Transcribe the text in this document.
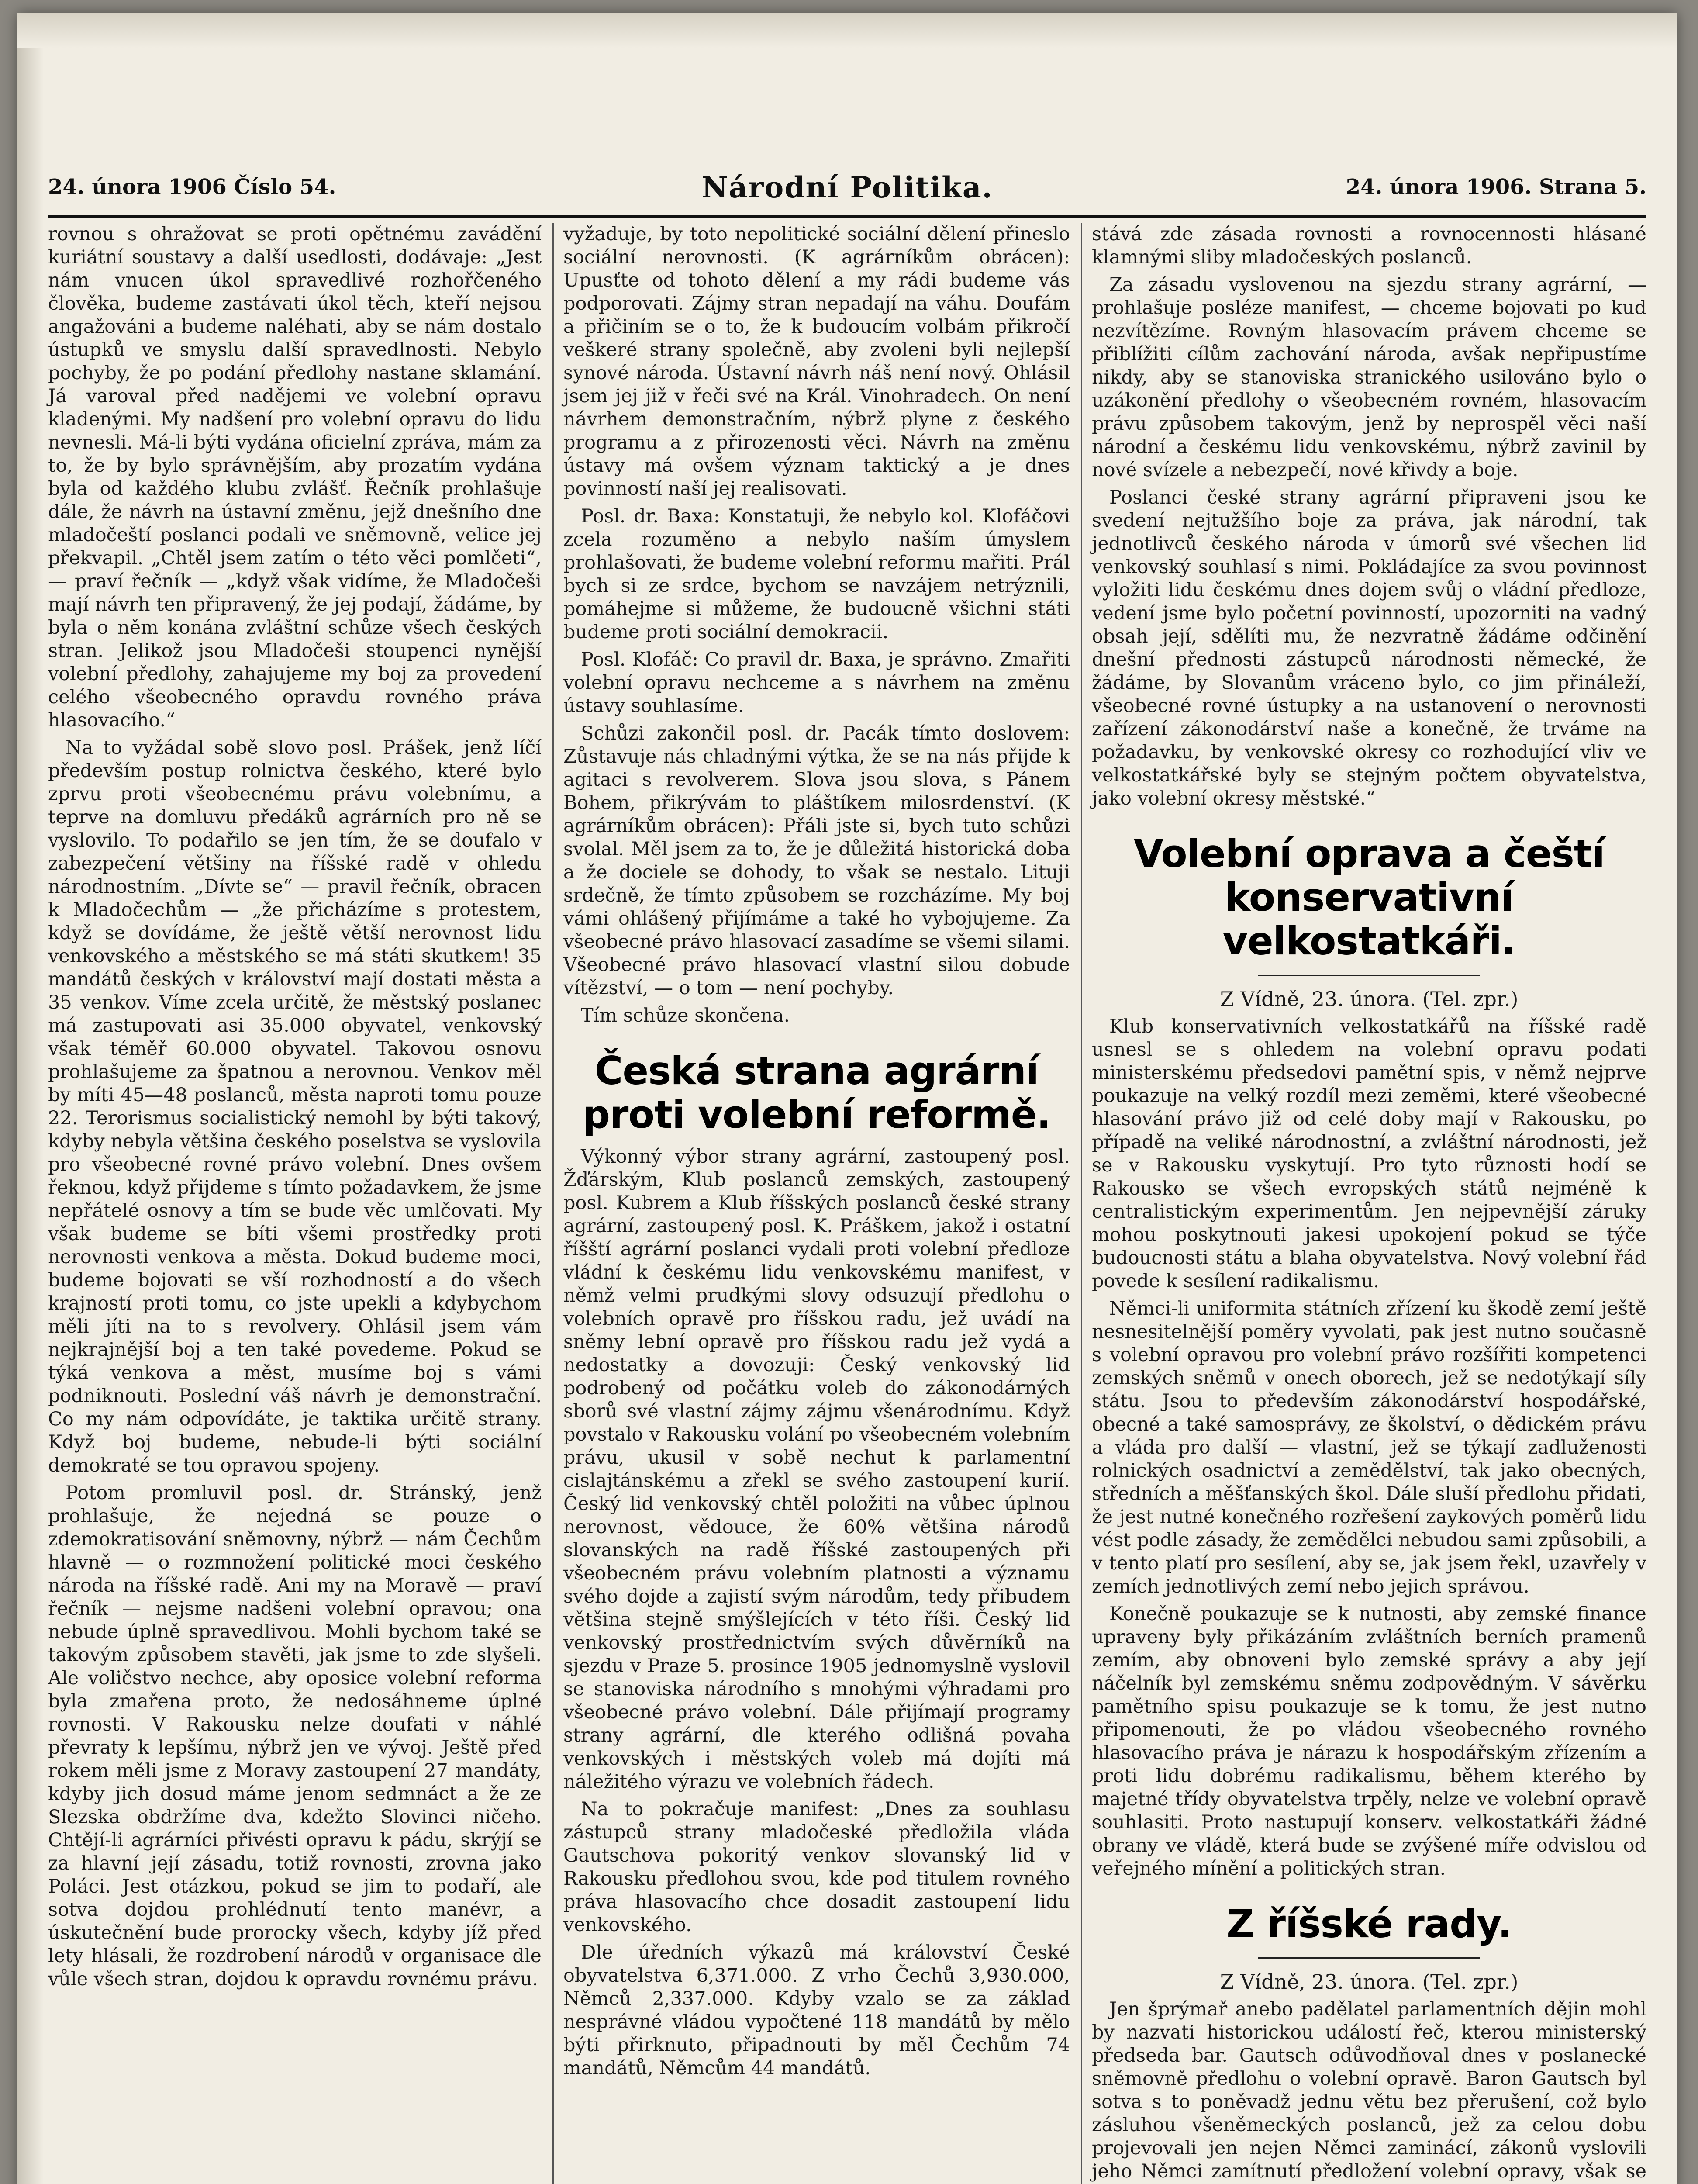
24. února 1906 Číslo 54.	Národní Politika.	24. února 1906. Strana 5.

rovnou s ohražovat se proti opětnému zavádění kuriátní soustavy a další usedlosti, dodávaje: „Jest nám vnucen úkol spravedlivé rozhořčeného člověka, budeme zastávati úkol těch, kteří nejsou angažováni a budeme naléhati, aby se nám dostalo ústupků ve smyslu další spravedlnosti. Nebylo pochyby, že po podání předlohy nastane sklamání. Já varoval před nadějemi ve volební opravu kladenými. My nadšení pro volební opravu do lidu nevnesli. Má-li býti vydána oficielní zpráva, mám za to, že by bylo správnějším, aby prozatím vydána byla od každého klubu zvlášť. Řečník prohlašuje dále, že návrh na ústavní změnu, jejž dnešního dne mladočeští poslanci podali ve sněmovně, velice jej překvapil. „Chtěl jsem zatím o této věci pomlčeti“, — praví řečník — „když však vidíme, že Mladočeši mají návrh ten připravený, že jej podají, žádáme, by byla o něm konána zvláštní schůze všech českých stran. Jelikož jsou Mladočeši stoupenci nynější volební předlohy, zahajujeme my boj za provedení celého všeobecného opravdu rovného práva hlasovacího.“

Na to vyžádal sobě slovo posl. Prášek, jenž líčí především postup rolnictva českého, které bylo zprvu proti všeobecnému právu volebnímu, a teprve na domluvu předáků agrárních pro ně se vyslovilo. To podařilo se jen tím, že se doufalo v zabezpečení většiny na říšské radě v ohledu národnostním. „Dívte se“ — pravil řečník, obracen k Mladočechům — „že přicházíme s protestem, když se dovídáme, že ještě větší nerovnost lidu venkovského a městského se má státi skutkem! 35 mandátů českých v království mají dostati města a 35 venkov. Víme zcela určitě, že městský poslanec má zastupovati asi 35.000 obyvatel, venkovský však téměř 60.000 obyvatel. Takovou osnovu prohlašujeme za špatnou a nerovnou. Venkov měl by míti 45—48 poslanců, města naproti tomu pouze 22. Terorismus socialistický nemohl by býti takový, kdyby nebyla většina českého poselstva se vyslovila pro všeobecné rovné právo volební. Dnes ovšem řeknou, když přijdeme s tímto požadavkem, že jsme nepřátelé osnovy a tím se bude věc umlčovati. My však budeme se bíti všemi prostředky proti nerovnosti venkova a města. Dokud budeme moci, budeme bojovati se vší rozhodností a do všech krajností proti tomu, co jste upekli a kdybychom měli jíti na to s revolvery. Ohlásil jsem vám nejkrajnější boj a ten také povedeme. Pokud se týká venkova a měst, musíme boj s vámi podniknouti. Poslední váš návrh je demonstrační. Co my nám odpovídáte, je taktika určitě strany. Když boj budeme, nebude-li býti sociální demokraté se tou opravou spojeny.

Potom promluvil posl. dr. Stránský, jenž prohlašuje, že nejedná se pouze o zdemokratisování sněmovny, nýbrž — nám Čechům hlavně — o rozmnožení politické moci českého národa na říšské radě. Ani my na Moravě — praví řečník — nejsme nadšeni volební opravou; ona nebude úplně spravedlivou. Mohli bychom také se takovým způsobem stavěti, jak jsme to zde slyšeli. Ale voličstvo nechce, aby oposice volební reforma byla zmařena proto, že nedosáhneme úplné rovnosti. V Rakousku nelze doufati v náhlé převraty k lepšímu, nýbrž jen ve vývoj. Ještě před rokem měli jsme z Moravy zastoupení 27 mandáty, kdyby jich dosud máme jenom sedmnáct a že ze Slezska obdržíme dva, kdežto Slovinci ničeho. Chtějí-li agrárníci přivésti opravu k pádu, skrýjí se za hlavní její zásadu, totiž rovnosti, zrovna jako Poláci. Jest otázkou, pokud se jim to podaří, ale sotva dojdou prohlédnutí tento manévr, a úskutečnění bude prorocky všech, kdyby jíž před lety hlásali, že rozdrobení národů v organisace dle vůle všech stran, dojdou k opravdu rovnému právu.

vyžaduje, by toto nepolitické sociální dělení přineslo sociální nerovnosti. (K agrárníkům obrácen): Upusťte od tohoto dělení a my rádi budeme vás podporovati. Zájmy stran nepadají na váhu. Doufám a přičiním se o to, že k budoucím volbám přikročí veškeré strany společně, aby zvoleni byli nejlepší synové národa. Ústavní návrh náš není nový. Ohlásil jsem jej již v řeči své na Král. Vinohradech. On není návrhem demonstračním, nýbrž plyne z českého programu a z přirozenosti věci. Návrh na změnu ústavy má ovšem význam taktický a je dnes povinností naší jej realisovati.

Posl. dr. Baxa: Konstatuji, že nebylo kol. Klofáčovi zcela rozuměno a nebylo naším úmyslem prohlašovati, že budeme volební reformu mařiti. Prál bych si ze srdce, bychom se navzájem netrýznili, pomáhejme si můžeme, že budoucně všichni státi budeme proti sociální demokracii.

Posl. Klofáč: Co pravil dr. Baxa, je správno. Zmařiti volební opravu nechceme a s návrhem na změnu ústavy souhlasíme.

Schůzi zakončil posl. dr. Pacák tímto doslovem: Zůstavuje nás chladnými výtka, že se na nás přijde k agitaci s revolverem. Slova jsou slova, s Pánem Bohem, přikrývám to pláštíkem milosrdenství. (K agrárníkům obrácen): Přáli jste si, bych tuto schůzi svolal. Měl jsem za to, že je důležitá historická doba a že dociele se dohody, to však se nestalo. Lituji srdečně, že tímto způsobem se rozcházíme. My boj vámi ohlášený přijímáme a také ho vybojujeme. Za všeobecné právo hlasovací zasadíme se všemi silami. Všeobecné právo hlasovací vlastní silou dobude vítězství, — o tom — není pochyby.

Tím schůze skončena.

Česká strana agrární proti volební reformě.

Výkonný výbor strany agrární, zastoupený posl. Žďárským, Klub poslanců zemských, zastoupený posl. Kubrem a Klub říšských poslanců české strany agrární, zastoupený posl. K. Práškem, jakož i ostatní říšští agrární poslanci vydali proti volební předloze vládní k českému lidu venkovskému manifest, v němž velmi prudkými slovy odsuzují předlohu o volebních opravě pro říšskou radu, jež uvádí na sněmy lební opravě pro říšskou radu jež vydá a nedostatky a dovozuji: Český venkovský lid podrobený od počátku voleb do zákonodárných sborů své vlastní zájmy zájmu všenárodnímu. Když povstalo v Rakousku volání po všeobecném volebním právu, ukusil v sobě nechut k parlamentní cislajtánskému a zřekl se svého zastoupení kurií. Český lid venkovský chtěl položiti na vůbec úplnou nerovnost, vědouce, že 60% většina národů slovanských na radě říšské zastoupených při všeobecném právu volebním platnosti a významu svého dojde a zajistí svým národům, tedy přibudem většina stejně smýšlejících v této říši. Český lid venkovský prostřednictvím svých důvěrníků na sjezdu v Praze 5. prosince 1905 jednomyslně vyslovil se stanoviska národního s mnohými výhradami pro všeobecné právo volební. Dále přijímají programy strany agrární, dle kterého odlišná povaha venkovských i městských voleb má dojíti má náležitého výrazu ve volebních řádech.

Na to pokračuje manifest: „Dnes za souhlasu zástupců strany mladočeské předložila vláda Gautschova pokoritý venkov slovanský lid v Rakousku předlohou svou, kde pod titulem rovného práva hlasovacího chce dosadit zastoupení lidu venkovského.

Dle úředních výkazů má království České obyvatelstva 6,371.000. Z vrho Čechů 3,930.000, Němců 2,337.000. Kdyby vzalo se za základ nesprávné vládou vypočtené 118 mandátů by mělo býti přirknuto, připadnouti by měl Čechům 74 mandátů, Němcům 44 mandátů.

stává zde zásada rovnosti a rovnocennosti hlásané klamnými sliby mladočeských poslanců.

Za zásadu vyslovenou na sjezdu strany agrární, — prohlašuje posléze manifest, — chceme bojovati po kud nezvítězíme. Rovným hlasovacím právem chceme se přiblížiti cílům zachování národa, avšak nepřipustíme nikdy, aby se stanoviska stranického usilováno bylo o uzákonění předlohy o všeobecném rovném, hlasovacím právu způsobem takovým, jenž by neprospěl věci naší národní a českému lidu venkovskému, nýbrž zavinil by nové svízele a nebezpečí, nové křivdy a boje.

Poslanci české strany agrární připraveni jsou ke svedení nejtužšího boje za práva, jak národní, tak jednotlivců českého národa v úmorů své všechen lid venkovský souhlasí s nimi. Pokládajíce za svou povinnost vyložiti lidu českému dnes dojem svůj o vládní předloze, vedení jsme bylo početní povinností, upozorniti na vadný obsah její, sdělíti mu, že nezvratně žádáme odčinění dnešní přednosti zástupců národnosti německé, že žádáme, by Slovanům vráceno bylo, co jim přináleží, všeobecné rovné ústupky a na ustanovení o nerovnosti zařízení zákonodárství naše a konečně, že trváme na požadavku, by venkovské okresy co rozhodující vliv ve velkostatkářské byly se stejným počtem obyvatelstva, jako volební okresy městské.“

Volební oprava a čeští konservativní velkostatkáři.
Z Vídně, 23. února. (Tel. zpr.)

Klub konservativních velkostatkářů na říšské radě usnesl se s ohledem na volební opravu podati ministerskému předsedovi pamětní spis, v němž nejprve poukazuje na velký rozdíl mezi zeměmi, které všeobecné hlasování právo již od celé doby mají v Rakousku, po případě na veliké národnostní, a zvláštní národnosti, jež se v Rakousku vyskytují. Pro tyto různosti hodí se Rakousko se všech evropských států nejméně k centralistickým experimentům. Jen nejpevnější záruky mohou poskytnouti jakesi upokojení pokud se týče budoucnosti státu a blaha obyvatelstva. Nový volební řád povede k sesílení radikalismu.

Němci-li uniformita státních zřízení ku škodě zemí ještě nesnesitelnější poměry vyvolati, pak jest nutno současně s volební opravou pro volební právo rozšířiti kompetenci zemských sněmů v onech oborech, jež se nedotýkají síly státu. Jsou to především zákonodárství hospodářské, obecné a také samosprávy, ze školství, o dědickém právu a vláda pro další — vlastní, jež se týkají zadluženosti rolnických osadnictví a zemědělství, tak jako obecných, středních a měšťanských škol. Dále sluší předlohu přidati, že jest nutné konečného rozřešení zaykových poměrů lidu vést podle zásady, že zemědělci nebudou sami způsobili, a v tento platí pro sesílení, aby se, jak jsem řekl, uzavřely v zemích jednotlivých zemí nebo jejich správou.

Konečně poukazuje se k nutnosti, aby zemské finance upraveny byly přikázáním zvláštních berních pramenů zemím, aby obnoveni bylo zemské správy a aby její náčelník byl zemskému sněmu zodpovědným. V sávěrku pamětního spisu poukazuje se k tomu, že jest nutno připomenouti, že po vládou všeobecného rovného hlasovacího práva je nárazu k hospodářským zřízením a proti lidu dobrému radikalismu, během kterého by majetné třídy obyvatelstva trpěly, nelze ve volební opravě souhlasiti. Proto nastupují konserv. velkostatkáři žádné obrany ve vládě, která bude se zvýšené míře odvislou od veřejného mínění a politických stran.

Z říšské rady.
Z Vídně, 23. února. (Tel. zpr.)

Jen šprýmař anebo padělatel parlamentních dějin mohl by nazvati historickou událostí řeč, kterou ministerský předseda bar. Gautsch odůvodňoval dnes v poslanecké sněmovně předlohu o volební opravě. Baron Gautsch byl sotva s to poněvadž jednu větu bez přerušení, což bylo zásluhou všeněmeckých poslanců, jež za celou dobu projevovali jen nejen Němci zaminácí, zákonů vyslovili jeho Němci zamítnutí předložení volební opravy, však se
